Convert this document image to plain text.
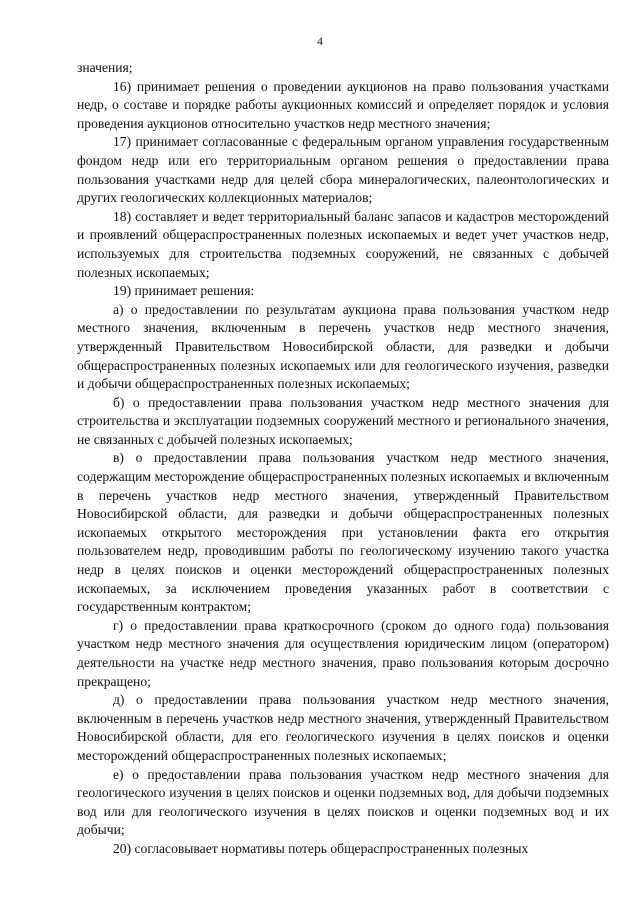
4

значения;

16) принимает решения о проведении аукционов на право пользования участками недр, о составе и порядке работы аукционных комиссий и определяет порядок и условия проведения аукционов относительно участков недр местного значения;

17) принимает согласованные с федеральным органом управления государственным фондом недр или его территориальным органом решения о предоставлении права пользования участками недр для целей сбора минералогических, палеонтологических и других геологических коллекционных материалов;

18) составляет и ведет территориальный баланс запасов и кадастров месторождений и проявлений общераспространенных полезных ископаемых и ведет учет участков недр, используемых для строительства подземных сооружений, не связанных с добычей полезных ископаемых;

19) принимает решения:

а) о предоставлении по результатам аукциона права пользования участком недр местного значения, включенным в перечень участков недр местного значения, утвержденный Правительством Новосибирской области, для разведки и добычи общераспространенных полезных ископаемых или для геологического изучения, разведки и добычи общераспространенных полезных ископаемых;

б) о предоставлении права пользования участком недр местного значения для строительства и эксплуатации подземных сооружений местного и регионального значения, не связанных с добычей полезных ископаемых;

в) о предоставлении права пользования участком недр местного значения, содержащим месторождение общераспространенных полезных ископаемых и включенным в перечень участков недр местного значения, утвержденный Правительством Новосибирской области, для разведки и добычи общераспространенных полезных ископаемых открытого месторождения при установлении факта его открытия пользователем недр, проводившим работы по геологическому изучению такого участка недр в целях поисков и оценки месторождений общераспространенных полезных ископаемых, за исключением проведения указанных работ в соответствии с государственным контрактом;

г) о предоставлении права краткосрочного (сроком до одного года) пользования участком недр местного значения для осуществления юридическим лицом (оператором) деятельности на участке недр местного значения, право пользования которым досрочно прекращено;

д) о предоставлении права пользования участком недр местного значения, включенным в перечень участков недр местного значения, утвержденный Правительством Новосибирской области, для его геологического изучения в целях поисков и оценки месторождений общераспространенных полезных ископаемых;

е) о предоставлении права пользования участком недр местного значения для геологического изучения в целях поисков и оценки подземных вод, для добычи подземных вод или для геологического изучения в целях поисков и оценки подземных вод и их добычи;

20) согласовывает нормативы потерь общераспространенных полезных
